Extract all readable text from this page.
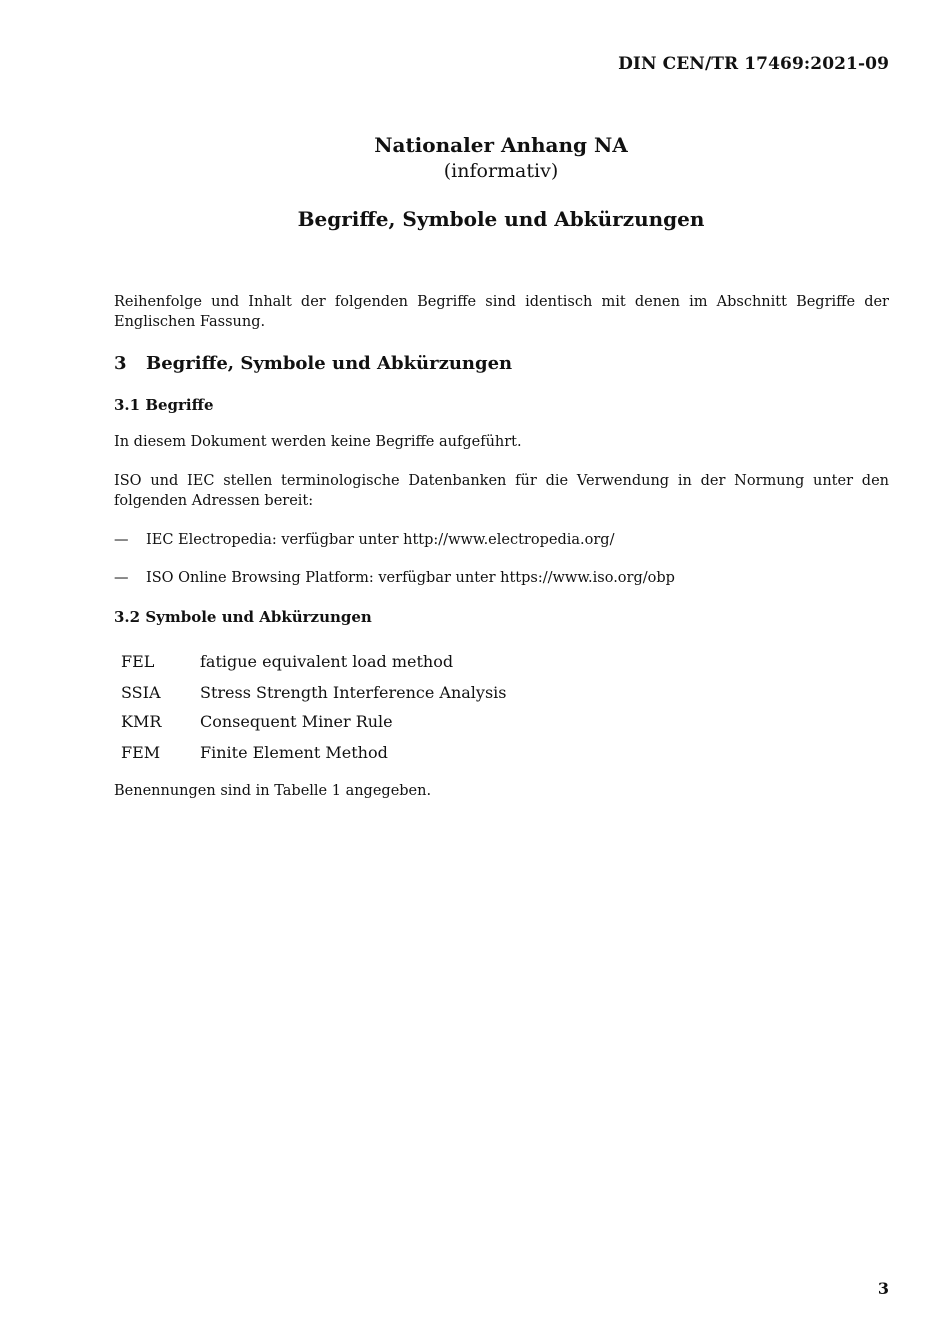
DIN CEN/TR 17469:2021-09
Nationaler Anhang NA
(informativ)
Begriffe, Symbole und Abkürzungen
Reihenfolge und Inhalt der folgenden Begriffe sind identisch mit denen im Abschnitt Begriffe der Englischen Fassung.
3 Begriffe, Symbole und Abkürzungen
3.1 Begriffe
In diesem Dokument werden keine Begriffe aufgeführt.
ISO und IEC stellen terminologische Datenbanken für die Verwendung in der Normung unter den folgenden Adressen bereit:
— IEC Electropedia: verfügbar unter http://www.electropedia.org/
— ISO Online Browsing Platform: verfügbar unter https://www.iso.org/obp
3.2 Symbole und Abkürzungen
FEL	fatigue equivalent load method
SSIA Stress Strength Interference Analysis
KMR Consequent Miner Rule
FEM Finite Element Method
Benennungen sind in Tabelle 1 angegeben.
3
